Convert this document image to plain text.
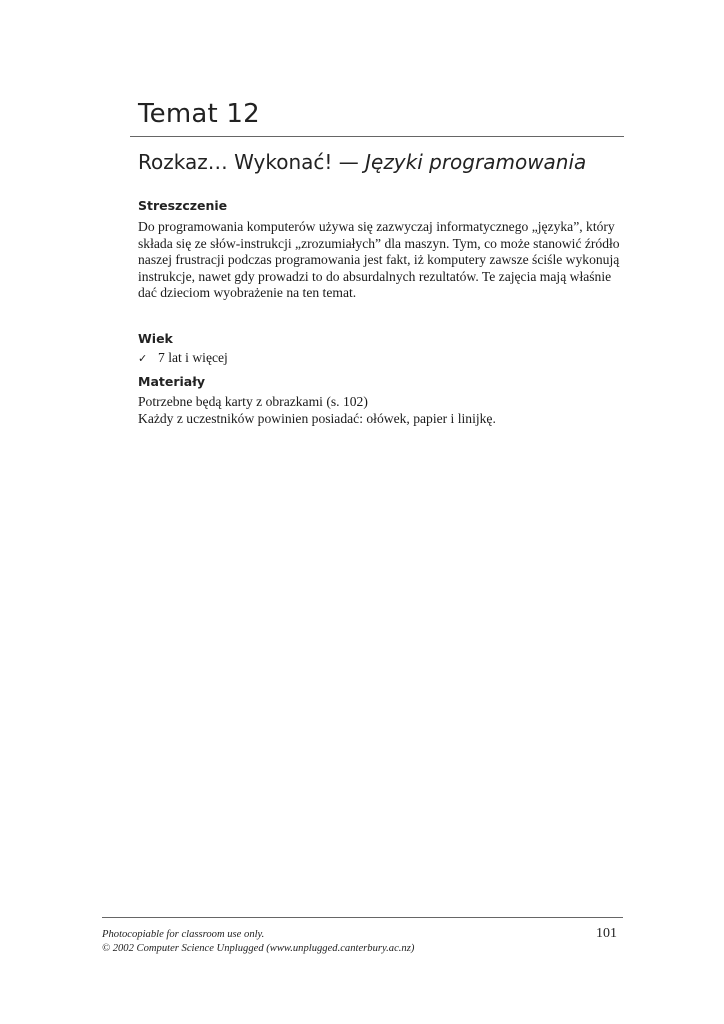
Temat 12
Rozkaz… Wykonać! — Języki programowania
Streszczenie

Do programowania komputerów używa się zazwyczaj informatycznego „języka”, który
składa się ze słów-instrukcji „zrozumiałych” dla maszyn. Tym, co może stanowić źródło
naszej frustracji podczas programowania jest fakt, iż komputery zawsze ściśle wykonują
instrukcje, nawet gdy prowadzi to do absurdalnych rezultatów. Te zajęcia mają właśnie
dać dzieciom wyobrażenie na ten temat.

Wiek
✓ 7 lat i więcej
Materiały

Potrzebne będą karty z obrazkami (s. 102)
Każdy z uczestników powinien posiadać: ołówek, papier i linijkę.

Photocopiable for classroom use only.
© 2002 Computer Science Unplugged (www.unplugged.canterbury.ac.nz)
101
